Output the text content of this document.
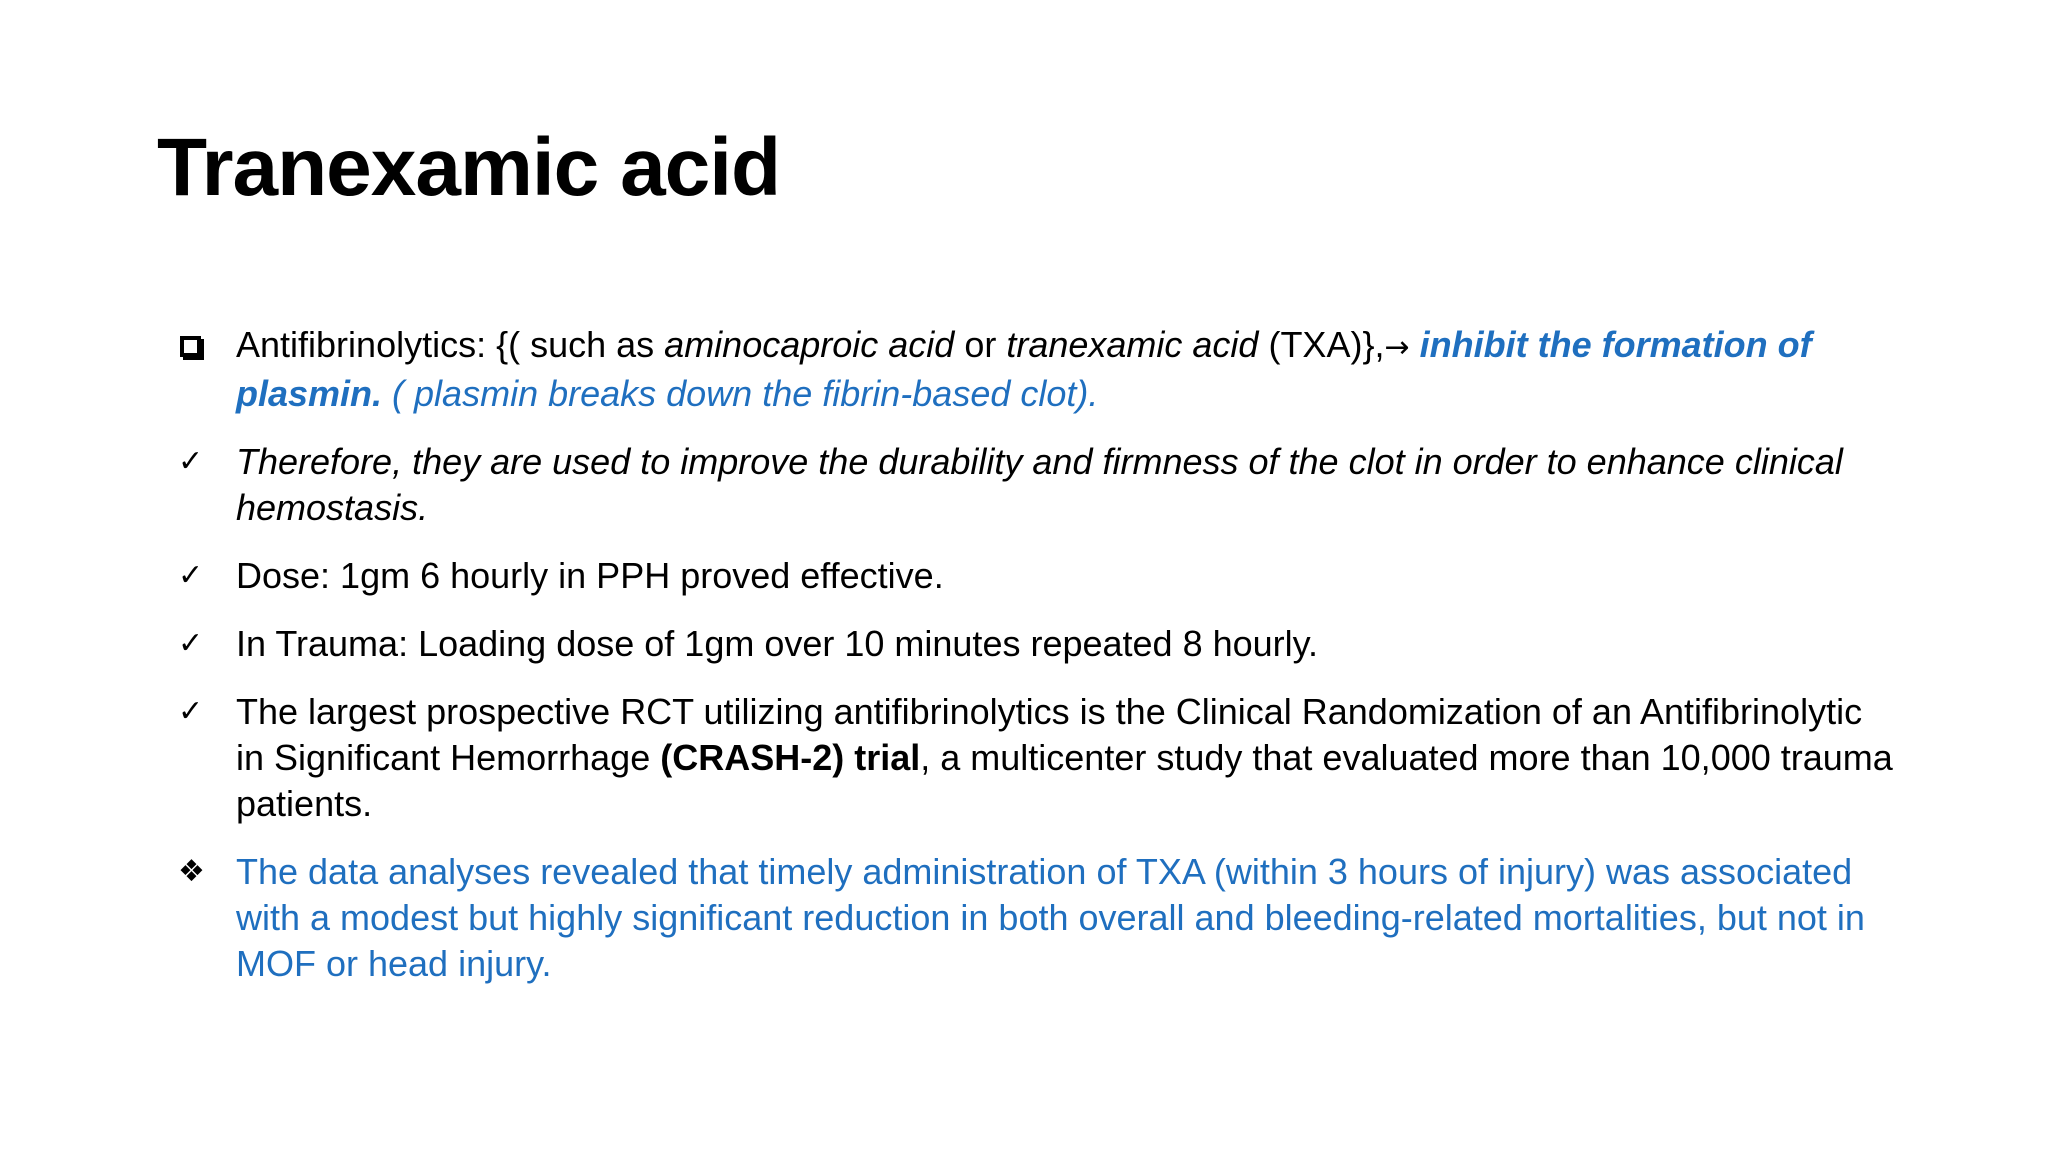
Tranexamic acid
Antifibrinolytics: {( such as aminocaproic acid or tranexamic acid (TXA)},→ inhibit the formation of plasmin. ( plasmin breaks down the fibrin-based clot).
✓ Therefore, they are used to improve the durability and firmness of the clot in order to enhance clinical hemostasis.
✓ Dose: 1gm 6 hourly in PPH proved effective.
✓ In Trauma: Loading dose of 1gm over 10 minutes repeated 8 hourly.
✓ The largest prospective RCT utilizing antifibrinolytics is the Clinical Randomization of an Antifibrinolytic in Significant Hemorrhage (CRASH-2) trial, a multicenter study that evaluated more than 10,000 trauma patients.
❖ The data analyses revealed that timely administration of TXA (within 3 hours of injury) was associated with a modest but highly significant reduction in both overall and bleeding-related mortalities, but not in MOF or head injury.
